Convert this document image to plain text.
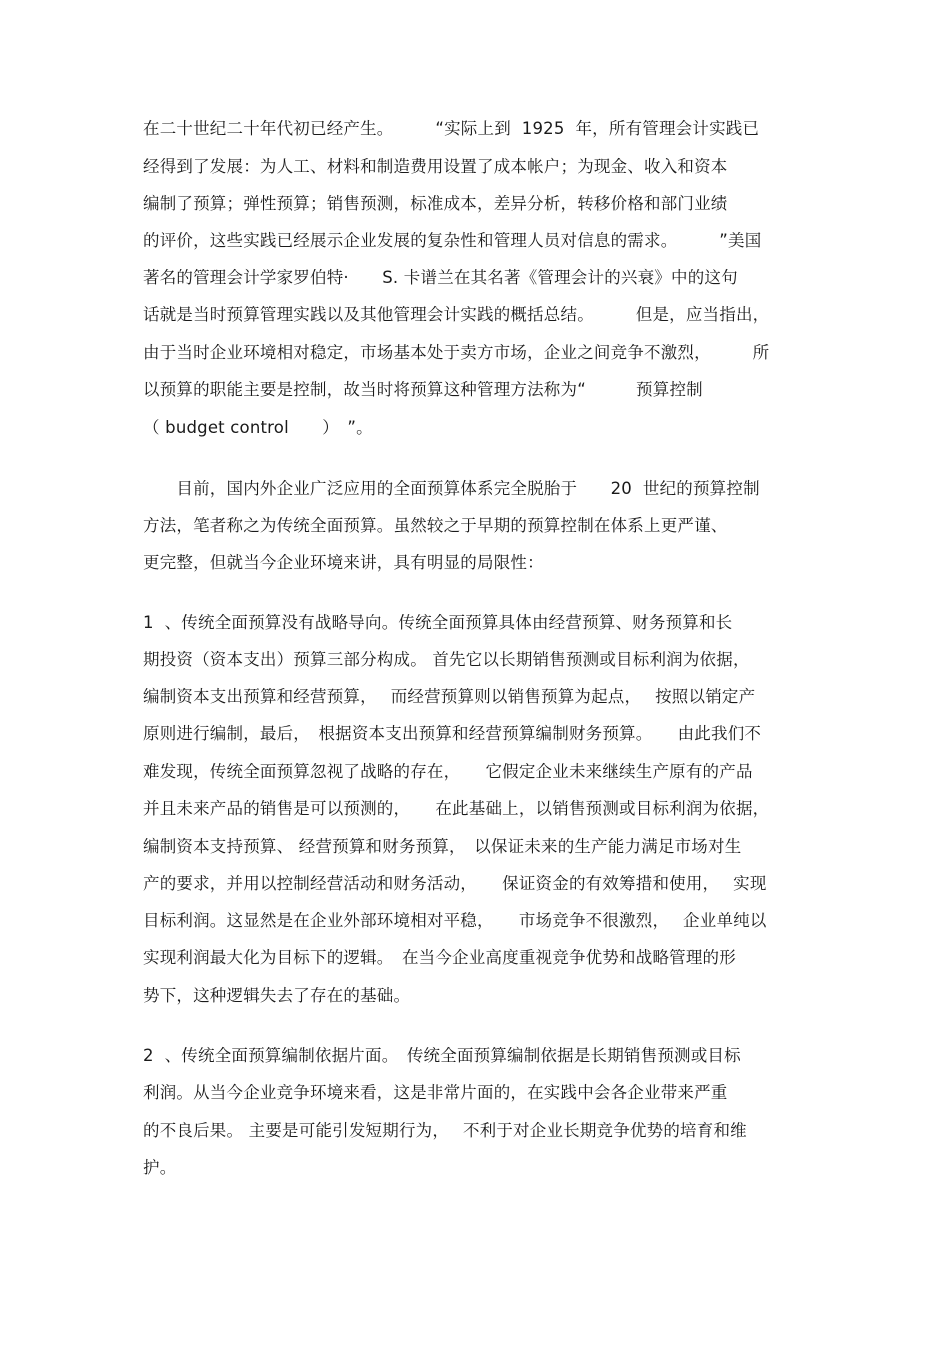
在二十世纪二十年代初已经产生。　　　“实际上到  1925  年，所有管理会计实践已
经得到了发展：为人工、材料和制造费用设置了成本帐户；为现金、收入和资本
编制了预算；弹性预算；销售预测，标准成本，差异分析，转移价格和部门业绩
的评价，这些实践已经展示企业发展的复杂性和管理人员对信息的需求。　　　”美国
著名的管理会计学家罗伯特·　　S. 卡谱兰在其名著《管理会计的兴衰》中的这句
话就是当时预算管理实践以及其他管理会计实践的概括总结。　　　但是，应当指出，
由于当时企业环境相对稳定，市场基本处于卖方市场，企业之间竞争不激烈，　　　所
以预算的职能主要是控制，故当时将预算这种管理方法称为“　　　预算控制
（ budget control　　）　”。
　　目前，国内外企业广泛应用的全面预算体系完全脱胎于　　20  世纪的预算控制
方法，笔者称之为传统全面预算。虽然较之于早期的预算控制在体系上更严谨、
更完整，但就当今企业环境来讲，具有明显的局限性：
1  、传统全面预算没有战略导向。传统全面预算具体由经营预算、财务预算和长
期投资（资本支出）预算三部分构成。 首先它以长期销售预测或目标利润为依据，
编制资本支出预算和经营预算，　 而经营预算则以销售预算为起点，　 按照以销定产
原则进行编制，最后，　根据资本支出预算和经营预算编制财务预算。　　由此我们不
难发现，传统全面预算忽视了战略的存在，　　它假定企业未来继续生产原有的产品
并且未来产品的销售是可以预测的，　　在此基础上，以销售预测或目标利润为依据，
编制资本支持预算、 经营预算和财务预算，　以保证未来的生产能力满足市场对生
产的要求，并用以控制经营活动和财务活动，　　保证资金的有效筹措和使用，　 实现
目标利润。这显然是在企业外部环境相对平稳，　　市场竞争不很激烈，　 企业单纯以
实现利润最大化为目标下的逻辑。　在当今企业高度重视竞争优势和战略管理的形
势下，这种逻辑失去了存在的基础。
2  、传统全面预算编制依据片面。　传统全面预算编制依据是长期销售预测或目标
利润。从当今企业竞争环境来看，这是非常片面的，在实践中会各企业带来严重
的不良后果。 主要是可能引发短期行为，　 不利于对企业长期竞争优势的培育和维
护。
